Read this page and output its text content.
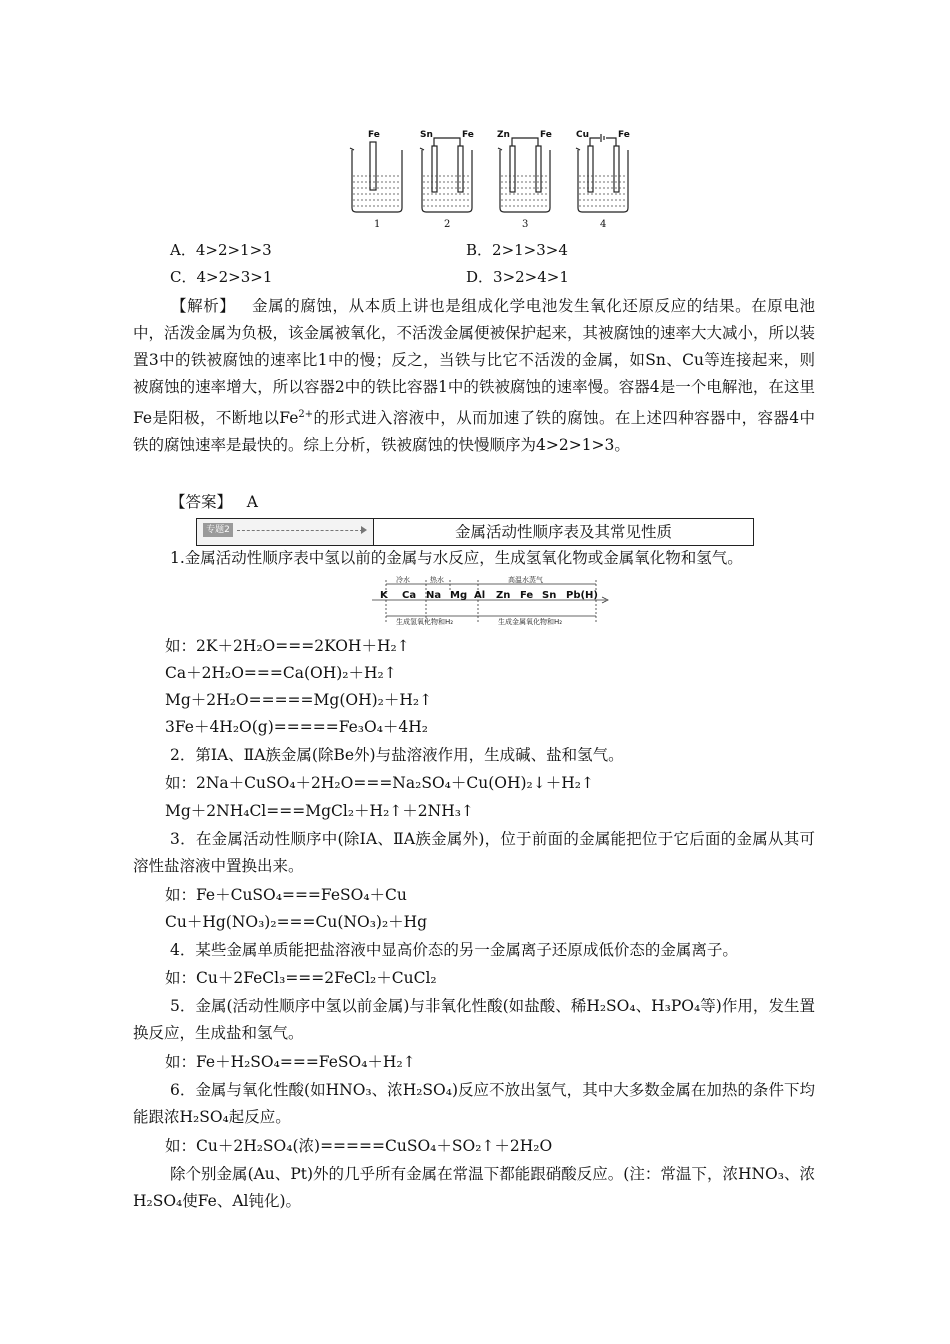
Fe	Sn	Fe	Zn	Fe	Cu	Fe
1	2	3	4
A．4>2>1>3	B．2>1>3>4
C．4>2>3>1	D．3>2>4>1
【解析】 金属的腐蚀，从本质上讲也是组成化学电池发生氧化还原反应的结果。在原电池中，活泼金属为负极，该金属被氧化，不活泼金属便被保护起来，其被腐蚀的速率大大减小，所以装置3中的铁被腐蚀的速率比1中的慢；反之，当铁与比它不活泼的金属，如Sn、Cu等连接起来，则被腐蚀的速率增大，所以容器2中的铁比容器1中的铁被腐蚀的速率慢。容器4是一个电解池，在这里Fe是阳极，不断地以$Fe^{2+}$的形式进入溶液中，从而加速了铁的腐蚀。在上述四种容器中，容器4中铁的腐蚀速率是最快的。综上分析，铁被腐蚀的快慢顺序为4>2>1>3。
【答案】 A
专题2	金属活动性顺序表及其常见性质
1.金属活动性顺序表中氢以前的金属与水反应，生成氢氧化物或金属氧化物和氢气。
冷水	热水	高温水蒸气
生成氢氧化物和H₂	生成金属氧化物和H₂
K Ca Na Mg Al Zn Fe Sn Pb(H)
如：2K＋2H₂O===2KOH＋H₂↑
Ca＋2H₂O===Ca(OH)₂＋H₂↑
Mg＋2H₂O=====Mg(OH)₂＋H₂↑
3Fe＋4H₂O(g)=====Fe₃O₄＋4H₂
2．第ⅠA、ⅡA族金属(除Be外)与盐溶液作用，生成碱、盐和氢气。
如：2Na＋CuSO₄＋2H₂O===Na₂SO₄＋Cu(OH)₂↓＋H₂↑
Mg＋2NH₄Cl===MgCl₂＋H₂↑＋2NH₃↑
3．在金属活动性顺序中(除ⅠA、ⅡA族金属外)，位于前面的金属能把位于它后面的金属从其可溶性盐溶液中置换出来。
如：Fe＋CuSO₄===FeSO₄＋Cu
Cu＋Hg(NO₃)₂===Cu(NO₃)₂＋Hg
4．某些金属单质能把盐溶液中显高价态的另一金属离子还原成低价态的金属离子。
如：Cu＋2FeCl₃===2FeCl₂＋CuCl₂
5．金属(活动性顺序中氢以前金属)与非氧化性酸(如盐酸、稀H₂SO₄、H₃PO₄等)作用，发生置换反应，生成盐和氢气。
如：Fe＋H₂SO₄===FeSO₄＋H₂↑
6．金属与氧化性酸(如HNO₃、浓H₂SO₄)反应不放出氢气，其中大多数金属在加热的条件下均能跟浓H₂SO₄起反应。
如：Cu＋2H₂SO₄(浓)=====CuSO₄＋SO₂↑＋2H₂O
除个别金属(Au、Pt)外的几乎所有金属在常温下都能跟硝酸反应。(注：常温下，浓HNO₃、浓H₂SO₄使Fe、Al钝化)。
